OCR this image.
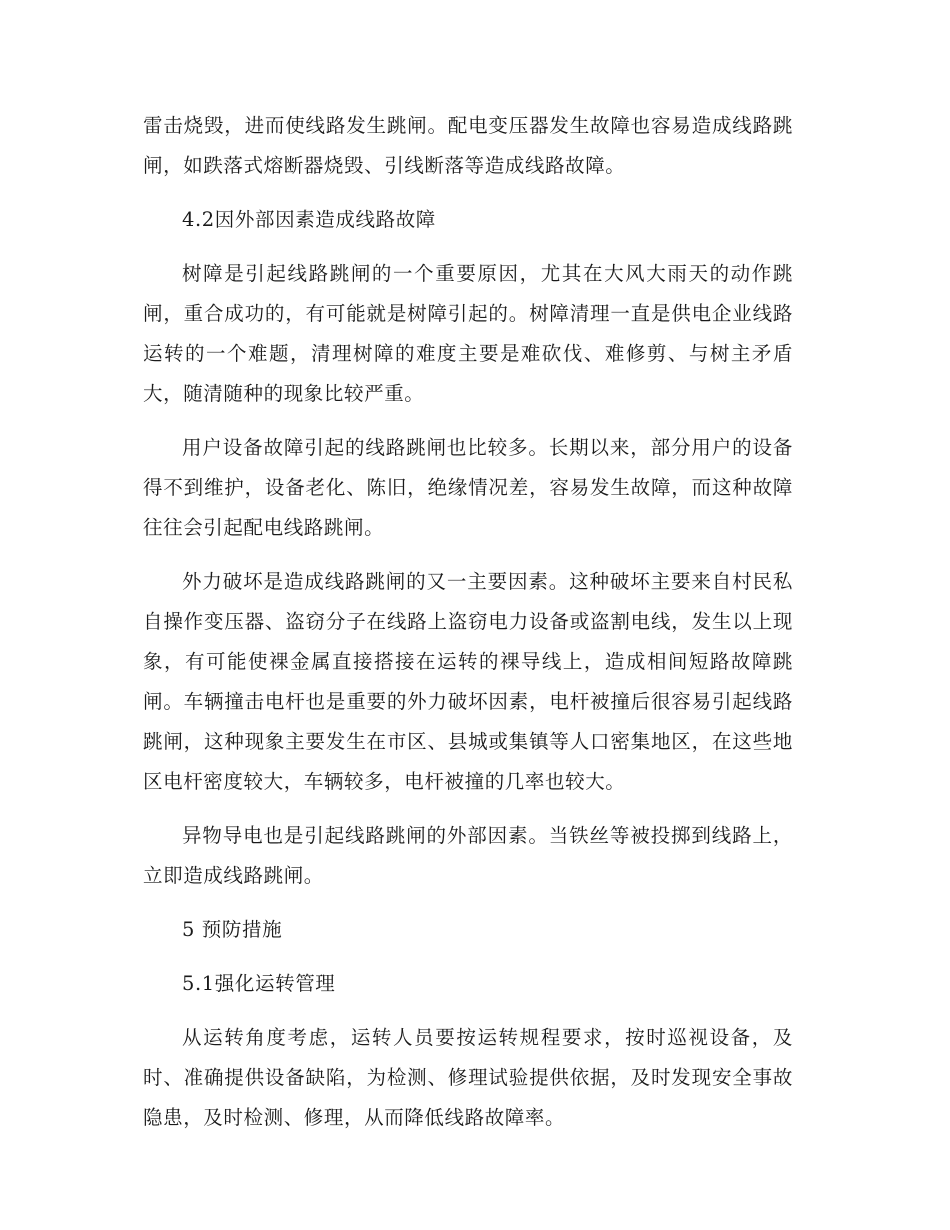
雷击烧毁，进而使线路发生跳闸。配电变压器发生故障也容易造成线路跳闸，如跌落式熔断器烧毁、引线断落等造成线路故障。

4.2因外部因素造成线路故障

树障是引起线路跳闸的一个重要原因，尤其在大风大雨天的动作跳闸，重合成功的，有可能就是树障引起的。树障清理一直是供电企业线路运转的一个难题，清理树障的难度主要是难砍伐、难修剪、与树主矛盾大，随清随种的现象比较严重。

用户设备故障引起的线路跳闸也比较多。长期以来，部分用户的设备得不到维护，设备老化、陈旧，绝缘情况差，容易发生故障，而这种故障往往会引起配电线路跳闸。

外力破坏是造成线路跳闸的又一主要因素。这种破坏主要来自村民私自操作变压器、盗窃分子在线路上盗窃电力设备或盗割电线，发生以上现象，有可能使裸金属直接搭接在运转的裸导线上，造成相间短路故障跳闸。车辆撞击电杆也是重要的外力破坏因素，电杆被撞后很容易引起线路跳闸，这种现象主要发生在市区、县城或集镇等人口密集地区，在这些地区电杆密度较大，车辆较多，电杆被撞的几率也较大。

异物导电也是引起线路跳闸的外部因素。当铁丝等被投掷到线路上，立即造成线路跳闸。

5 预防措施

5.1强化运转管理

从运转角度考虑，运转人员要按运转规程要求，按时巡视设备，及时、准确提供设备缺陷，为检测、修理试验提供依据，及时发现安全事故隐患，及时检测、修理，从而降低线路故障率。
